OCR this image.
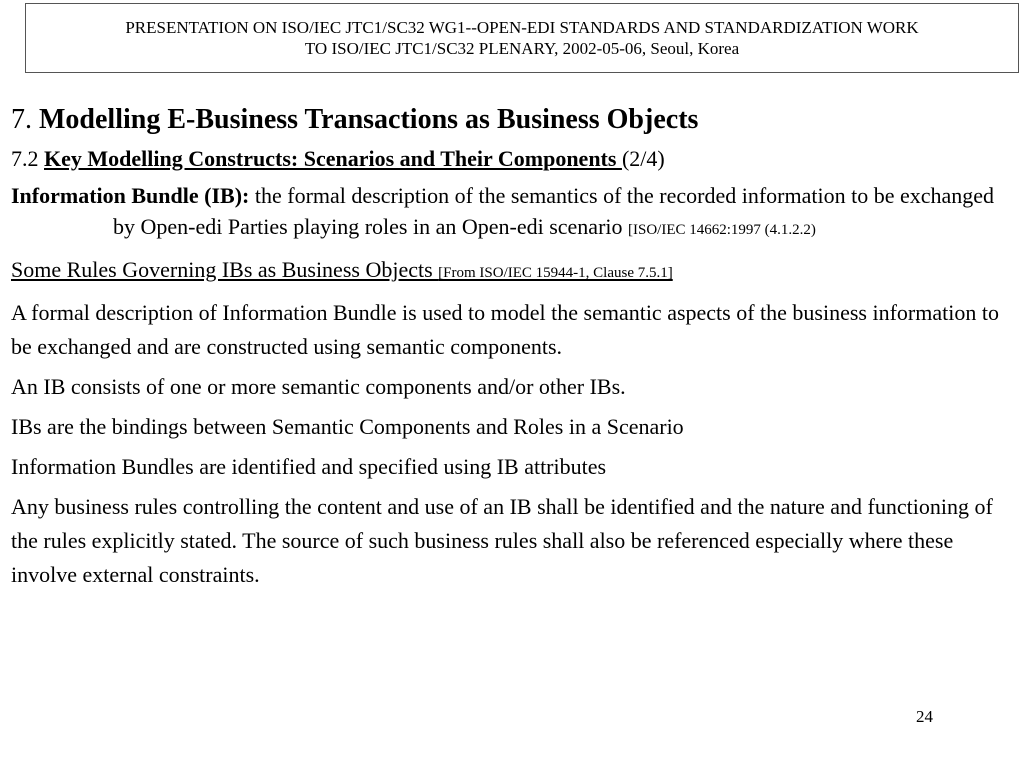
PRESENTATION ON ISO/IEC JTC1/SC32 WG1--OPEN-EDI STANDARDS AND STANDARDIZATION WORK
TO ISO/IEC JTC1/SC32 PLENARY, 2002-05-06, Seoul, Korea
7. Modelling E-Business Transactions as Business Objects
7.2 Key Modelling Constructs: Scenarios and Their Components (2/4)
Information Bundle (IB): the formal description of the semantics of the recorded information to be exchanged by Open-edi Parties playing roles in an Open-edi scenario [ISO/IEC 14662:1997 (4.1.2.2)
Some Rules Governing IBs as Business Objects [From ISO/IEC 15944-1, Clause 7.5.1]
A formal description of Information Bundle is used to model the semantic aspects of the business information to be exchanged and are constructed using semantic components.
An IB consists of one or more semantic components and/or other IBs.
IBs are the bindings between Semantic Components and Roles in a Scenario
Information Bundles are identified and specified using IB attributes
Any business rules controlling the content and use of an IB shall be identified and the nature and functioning of the rules explicitly stated. The source of such business rules shall also be referenced especially where these involve external constraints.
24
